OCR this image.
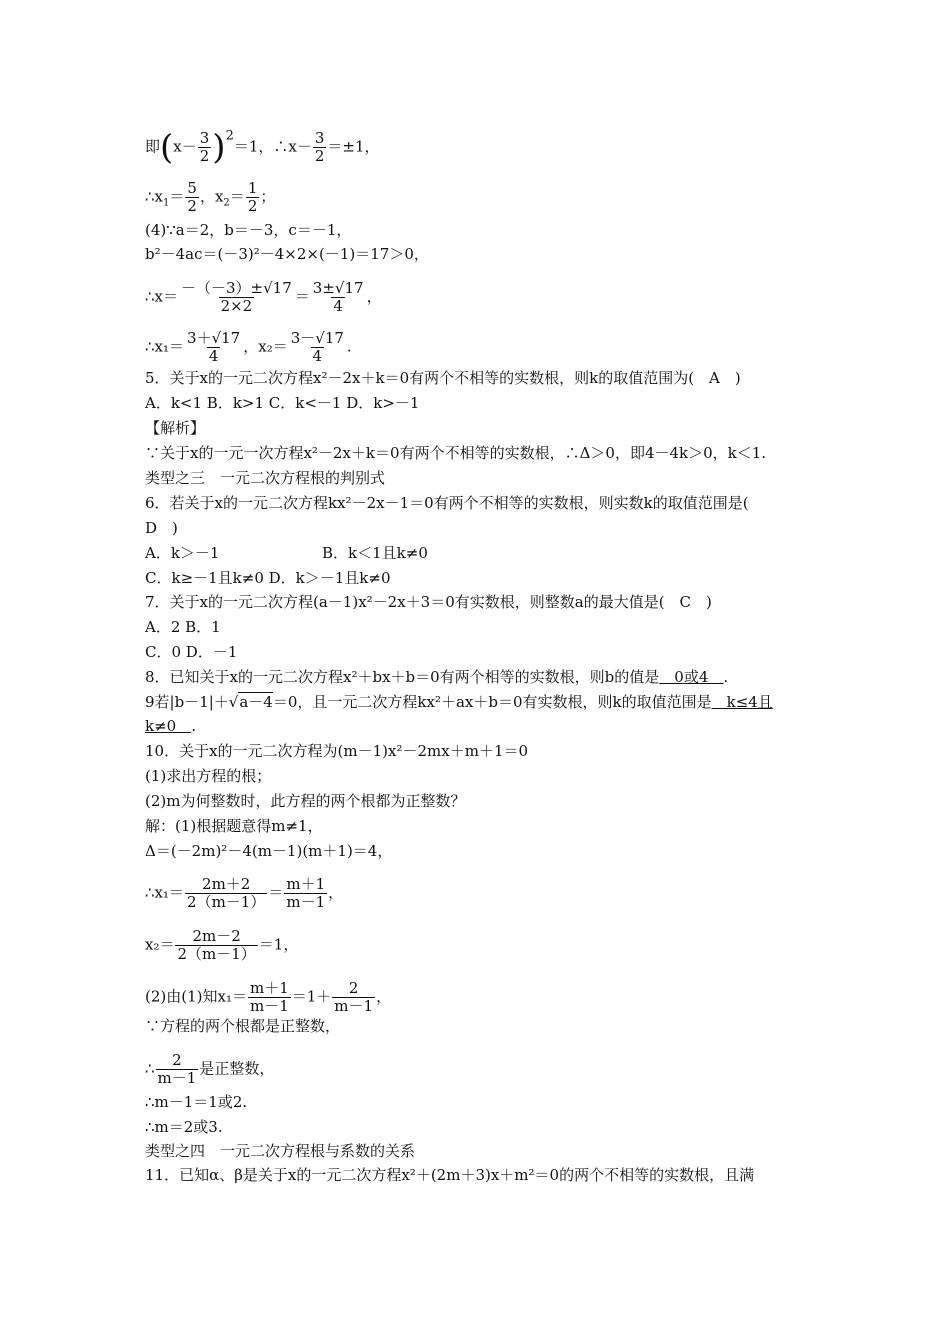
即$(x- \frac{3}{2} )^2=1$，∴x－ $\frac{3}{2} =\pm 1$，
$\therefore x_1= \frac{5}{2}$ ，$x_2= \frac{1}{2}$ ；
(4)∵a＝2，b＝－3，c＝－1，
b²－4ac＝(－3)²－4×2×(－1)＝17＞0，
∴x＝ $\frac{-(-3)\pm√17}{2\times 2} = \frac{3\pm√17}{4}$ ，
∴x₁＝ $\frac{3+√17}{4}$ ，$x_2= \frac{3-√17}{4}$ .
5．关于x的一元二次方程x²－2x＋k＝0有两个不相等的实数根，则k的取值范围为(　A　)
A．k<1 B．k>1 C．k<－1 D．k>－1
【解析】
∵关于x的一元一次方程x²－2x＋k＝0有两个不相等的实数根，∴Δ＞0，即4－4k＞0，k＜1.
类型之三　一元二次方程根的判别式
6．若关于x的一元二次方程kx²－2x－1＝0有两个不相等的实数根，则实数k的取值范围是(
D　)
A．k＞－1	B．k＜1且k≠0
C．k≥－1且k≠0 D．k＞－1且k≠0
7．关于x的一元二次方程(a－1)x²－2x＋3＝0有实数根，则整数a的最大值是(　C　)
A．2 B．1
C．0 D．－1
8．已知关于x的一元二次方程x²＋bx＋b＝0有两个相等的实数根，则b的值是　0或4　.
9若|b－1|＋√a－4＝0，且一元二次方程kx²＋ax＋b＝0有实数根，则k的取值范围是　k≤4且
k≠0　.
10．关于x的一元二次方程为(m－1)x²－2mx＋m＋1＝0
(1)求出方程的根；
(2)m为何整数时，此方程的两个根都为正整数？
解：(1)根据题意得m≠1，
Δ＝(－2m)²－4(m－1)(m＋1)＝4，
∴x₁＝ $\frac{2m+2}{2(m-1)} = \frac{m+1}{m-1}$ ，
$x_2= \frac{2m-2}{2(m-1)} =1$，
(2)由(1)知$x_1= \frac{m+1}{m-1} =1+ \frac{2}{m-1}$ ，
∵方程的两个根都是正整数，
∴ $\frac{2}{m-1}$ 是正整数，
∴m－1＝1或2.
∴m＝2或3.
类型之四　一元二次方程根与系数的关系
11．已知α、β是关于x的一元二次方程x²＋(2m＋3)x＋m²＝0的两个不相等的实数根，且满
